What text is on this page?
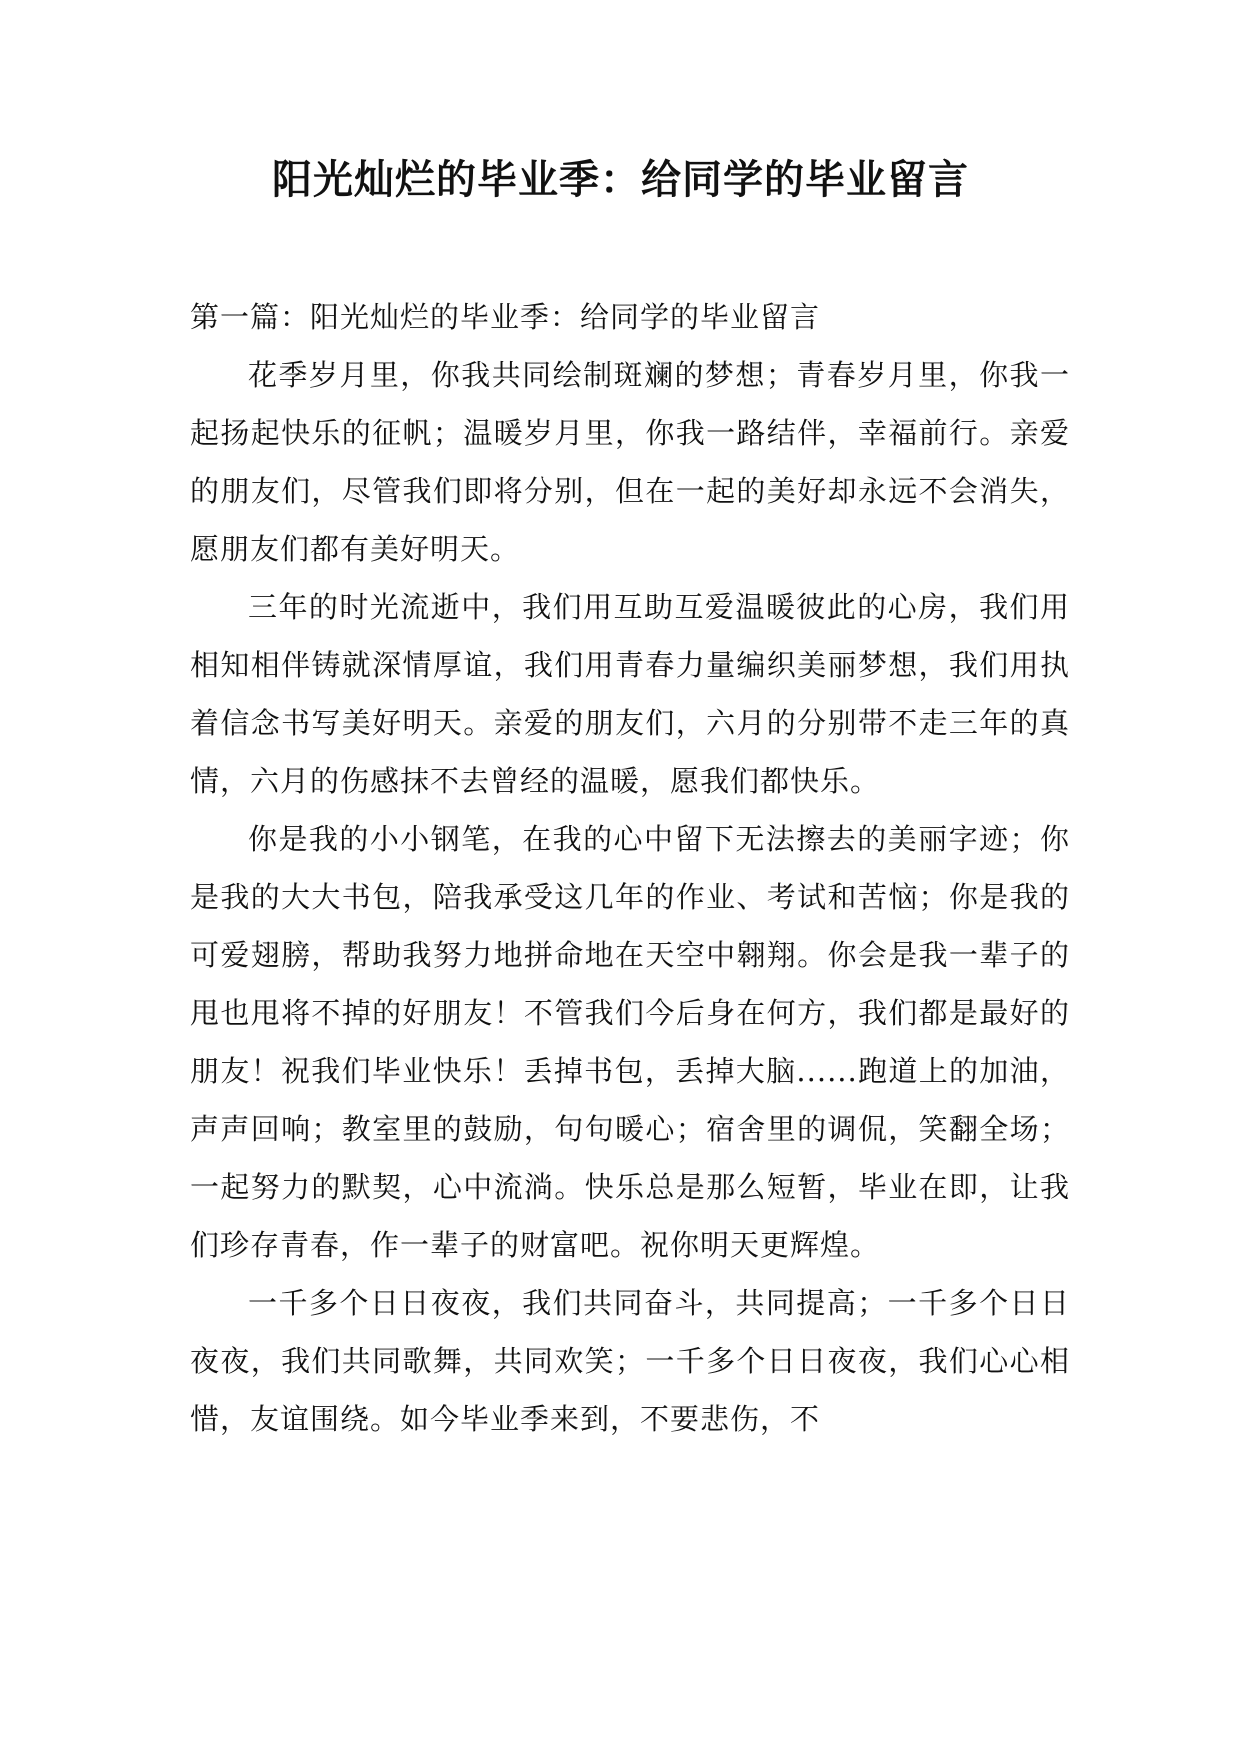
阳光灿烂的毕业季：给同学的毕业留言

第一篇：阳光灿烂的毕业季：给同学的毕业留言

花季岁月里，你我共同绘制斑斓的梦想；青春岁月里，你我一起扬起快乐的征帆；温暖岁月里，你我一路结伴，幸福前行。亲爱的朋友们，尽管我们即将分别，但在一起的美好却永远不会消失，愿朋友们都有美好明天。

三年的时光流逝中，我们用互助互爱温暖彼此的心房，我们用相知相伴铸就深情厚谊，我们用青春力量编织美丽梦想，我们用执着信念书写美好明天。亲爱的朋友们，六月的分别带不走三年的真情，六月的伤感抹不去曾经的温暖，愿我们都快乐。

你是我的小小钢笔，在我的心中留下无法擦去的美丽字迹；你是我的大大书包，陪我承受这几年的作业、考试和苦恼；你是我的可爱翅膀，帮助我努力地拼命地在天空中翱翔。你会是我一辈子的甩也甩将不掉的好朋友！不管我们今后身在何方，我们都是最好的朋友！祝我们毕业快乐！丢掉书包，丢掉大脑......跑道上的加油，声声回响；教室里的鼓励，句句暖心；宿舍里的调侃，笑翻全场；一起努力的默契，心中流淌。快乐总是那么短暂，毕业在即，让我们珍存青春，作一辈子的财富吧。祝你明天更辉煌。

一千多个日日夜夜，我们共同奋斗，共同提高；一千多个日日夜夜，我们共同歌舞，共同欢笑；一千多个日日夜夜，我们心心相惜，友谊围绕。如今毕业季来到，不要悲伤，不
